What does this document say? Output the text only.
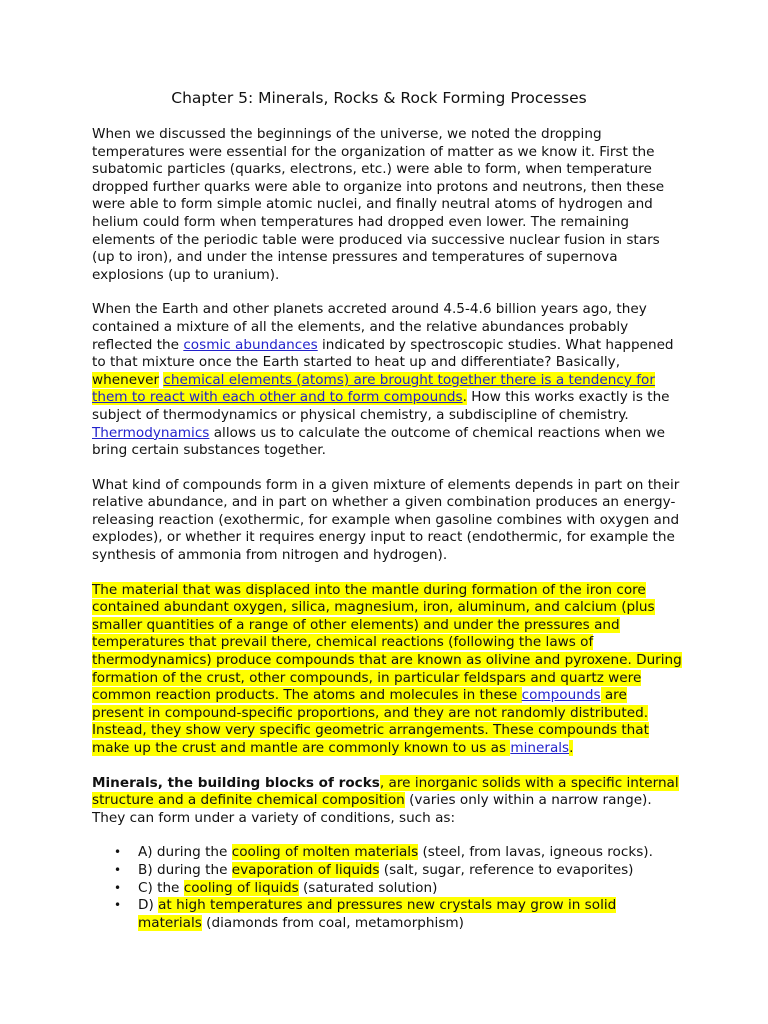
Chapter 5: Minerals, Rocks & Rock Forming Processes

When we discussed the beginnings of the universe, we noted the dropping temperatures were essential for the organization of matter as we know it. First the subatomic particles (quarks, electrons, etc.) were able to form, when temperature dropped further quarks were able to organize into protons and neutrons, then these were able to form simple atomic nuclei, and finally neutral atoms of hydrogen and helium could form when temperatures had dropped even lower. The remaining elements of the periodic table were produced via successive nuclear fusion in stars (up to iron), and under the intense pressures and temperatures of supernova explosions (up to uranium).

When the Earth and other planets accreted around 4.5-4.6 billion years ago, they contained a mixture of all the elements, and the relative abundances probably reflected the cosmic abundances indicated by spectroscopic studies. What happened to that mixture once the Earth started to heat up and differentiate? Basically, whenever chemical elements (atoms) are brought together there is a tendency for them to react with each other and to form compounds. How this works exactly is the subject of thermodynamics or physical chemistry, a subdiscipline of chemistry. Thermodynamics allows us to calculate the outcome of chemical reactions when we bring certain substances together.

What kind of compounds form in a given mixture of elements depends in part on their relative abundance, and in part on whether a given combination produces an energy-releasing reaction (exothermic, for example when gasoline combines with oxygen and explodes), or whether it requires energy input to react (endothermic, for example the synthesis of ammonia from nitrogen and hydrogen).

The material that was displaced into the mantle during formation of the iron core contained abundant oxygen, silica, magnesium, iron, aluminum, and calcium (plus smaller quantities of a range of other elements) and under the pressures and temperatures that prevail there, chemical reactions (following the laws of thermodynamics) produce compounds that are known as olivine and pyroxene. During formation of the crust, other compounds, in particular feldspars and quartz were common reaction products. The atoms and molecules in these compounds are present in compound-specific proportions, and they are not randomly distributed. Instead, they show very specific geometric arrangements. These compounds that make up the crust and mantle are commonly known to us as minerals.

Minerals, the building blocks of rocks, are inorganic solids with a specific internal structure and a definite chemical composition (varies only within a narrow range). They can form under a variety of conditions, such as:

• A) during the cooling of molten materials (steel, from lavas, igneous rocks).
• B) during the evaporation of liquids (salt, sugar, reference to evaporites)
• C) the cooling of liquids (saturated solution)
• D) at high temperatures and pressures new crystals may grow in solid materials (diamonds from coal, metamorphism)
